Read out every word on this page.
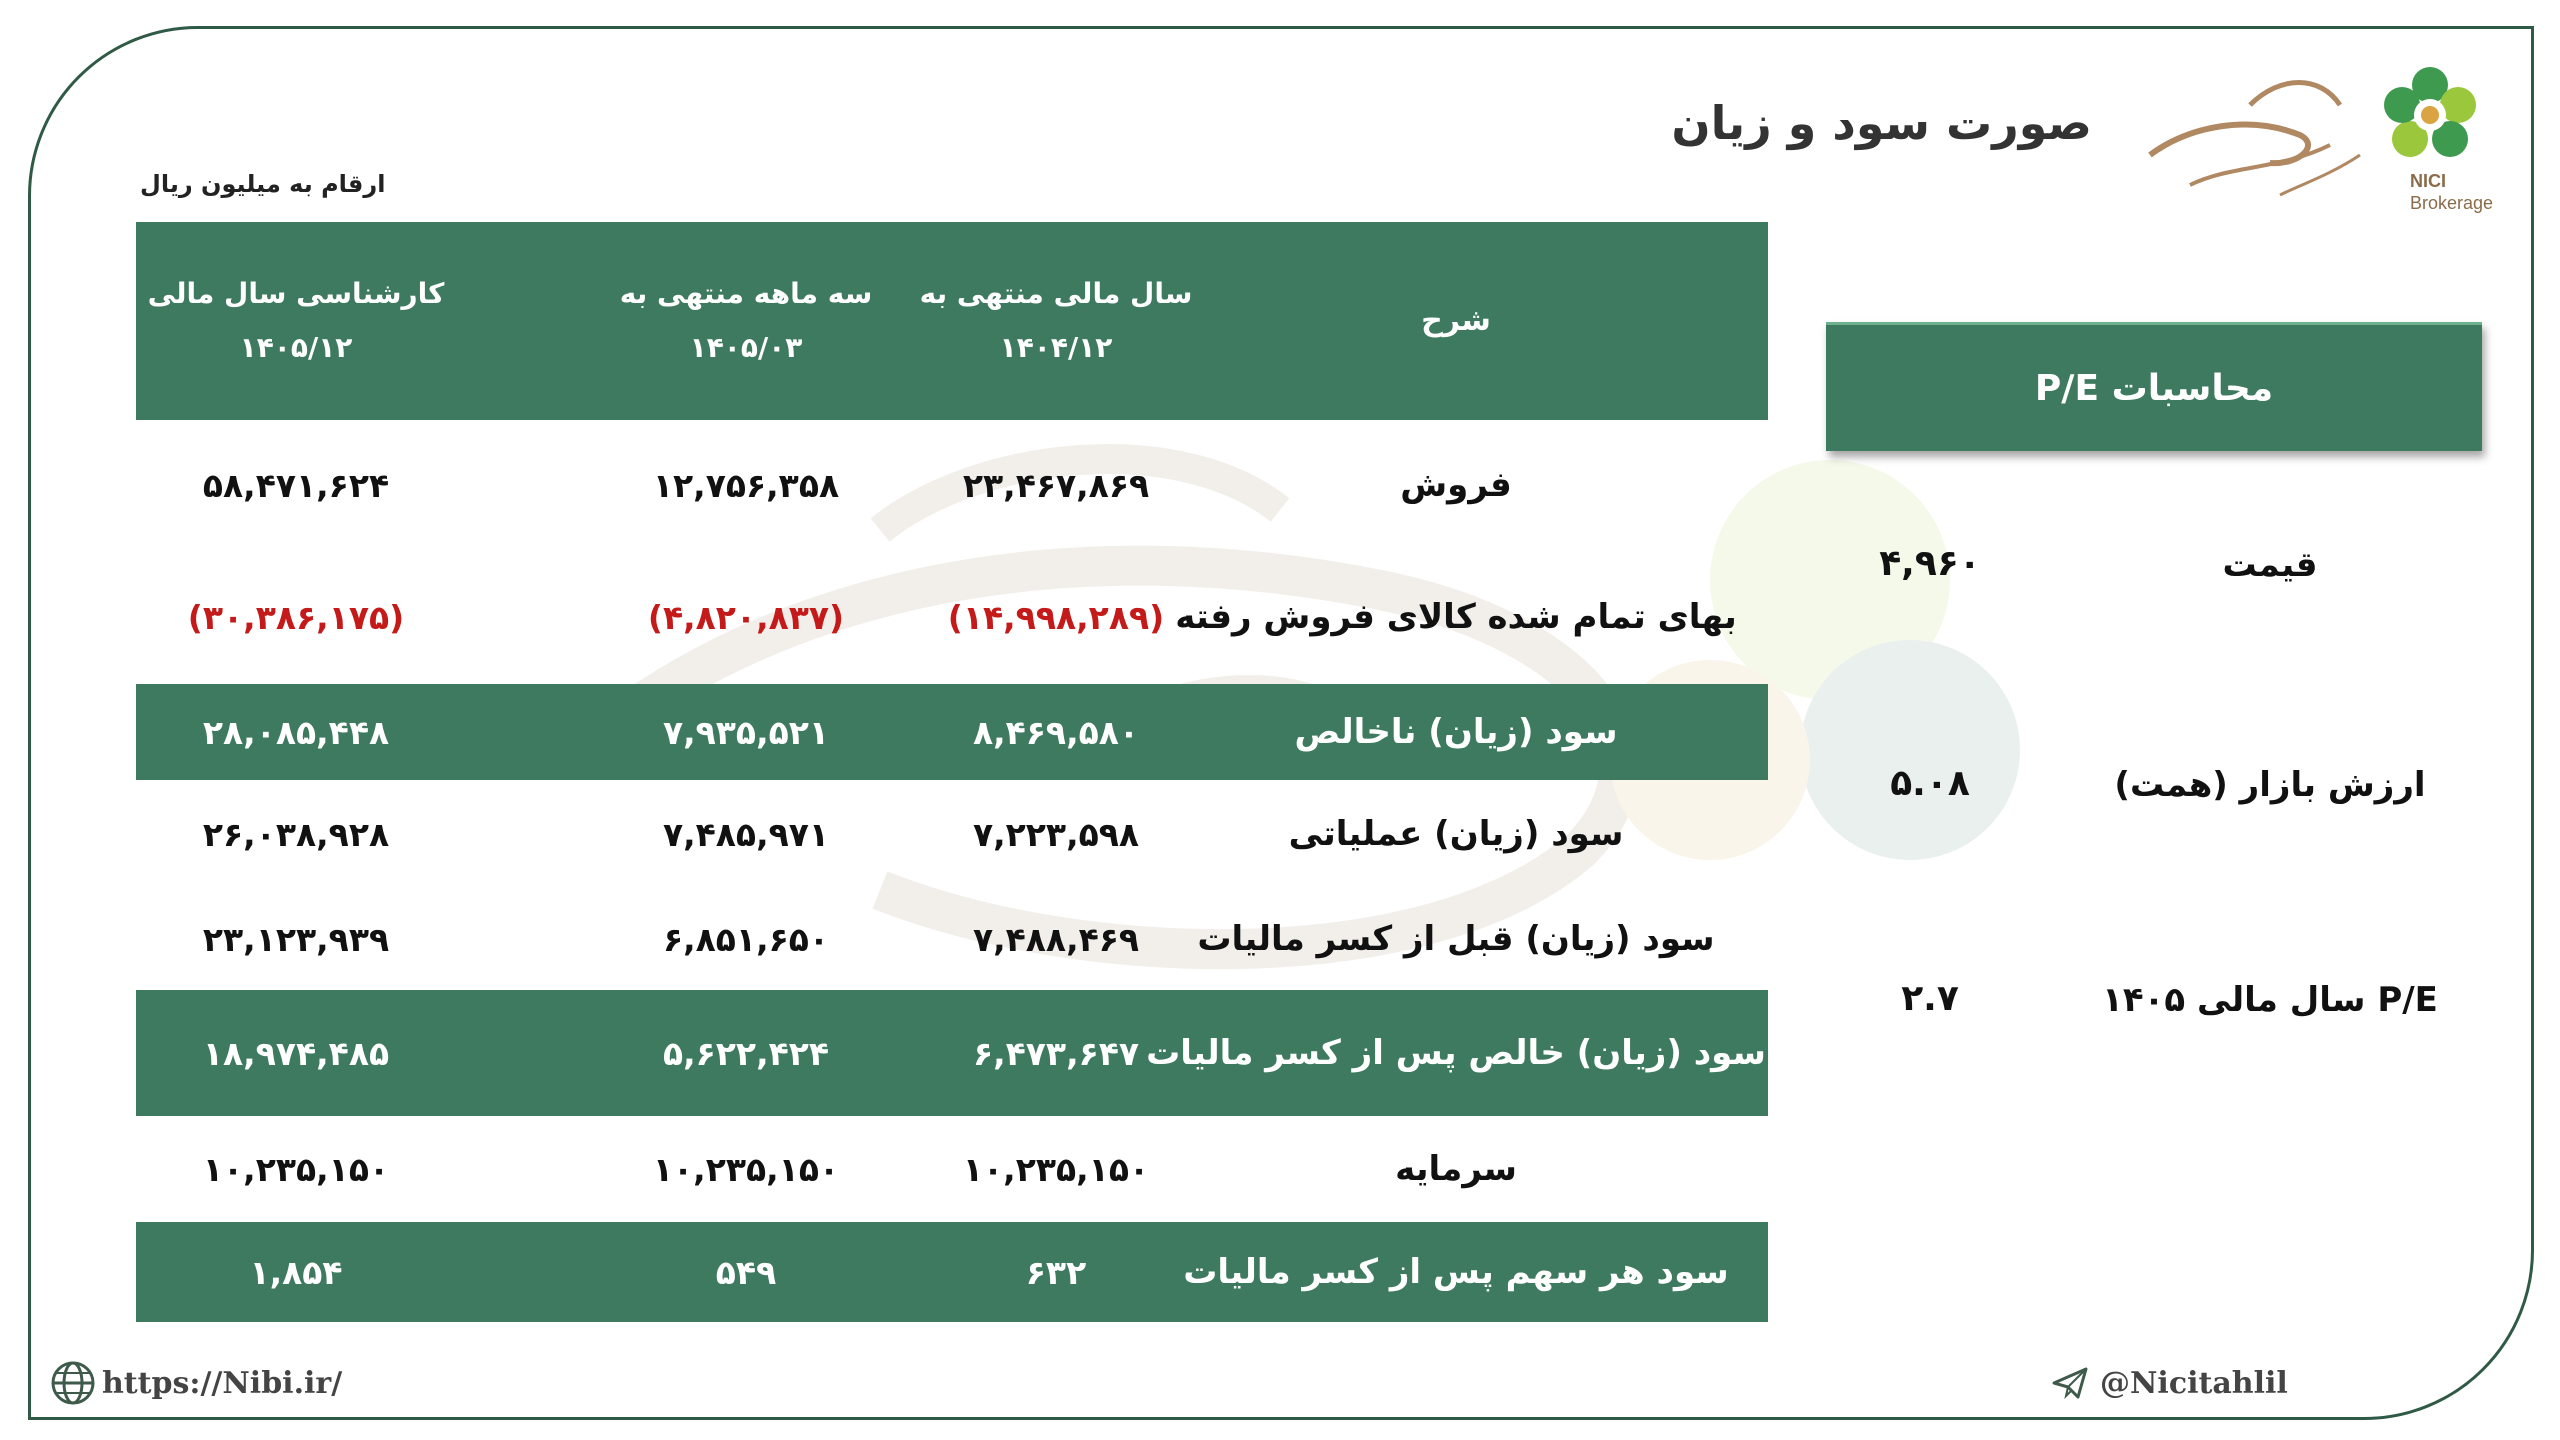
NICI
Brokerage
صورت سود و زیان
ارقام به میلیون ریال
شرح
سال مالی منتهی به
۱۴۰۴/۱۲
سه ماهه منتهی به
۱۴۰۵/۰۳
کارشناسی سال مالی
۱۴۰۵/۱۲
فروش
۲۳,۴۶۷,۸۶۹
۱۲,۷۵۶,۳۵۸
۵۸,۴۷۱,۶۲۴
بهای تمام شده کالای فروش رفته
(۱۴,۹۹۸,۲۸۹)
(۴,۸۲۰,۸۳۷)
(۳۰,۳۸۶,۱۷۵)
سود (زیان) ناخالص
۸,۴۶۹,۵۸۰
۷,۹۳۵,۵۲۱
۲۸,۰۸۵,۴۴۸
سود (زیان) عملیاتی
۷,۲۲۳,۵۹۸
۷,۴۸۵,۹۷۱
۲۶,۰۳۸,۹۲۸
سود (زیان) قبل از کسر مالیات
۷,۴۸۸,۴۶۹
۶,۸۵۱,۶۵۰
۲۳,۱۲۳,۹۳۹
سود (زیان) خالص پس از کسر مالیات
۶,۴۷۳,۶۴۷
۵,۶۲۲,۴۲۴
۱۸,۹۷۴,۴۸۵
سرمایه
۱۰,۲۳۵,۱۵۰
۱۰,۲۳۵,۱۵۰
۱۰,۲۳۵,۱۵۰
سود هر سهم پس از کسر مالیات
۶۳۲
۵۴۹
۱,۸۵۴
محاسبات P/E
قیمت
۴,۹۶۰
ارزش بازار (همت)
۵.۰۸
P/E سال مالی ۱۴۰۵
۲.۷
https://Nibi.ir/	@Nicitahlil
